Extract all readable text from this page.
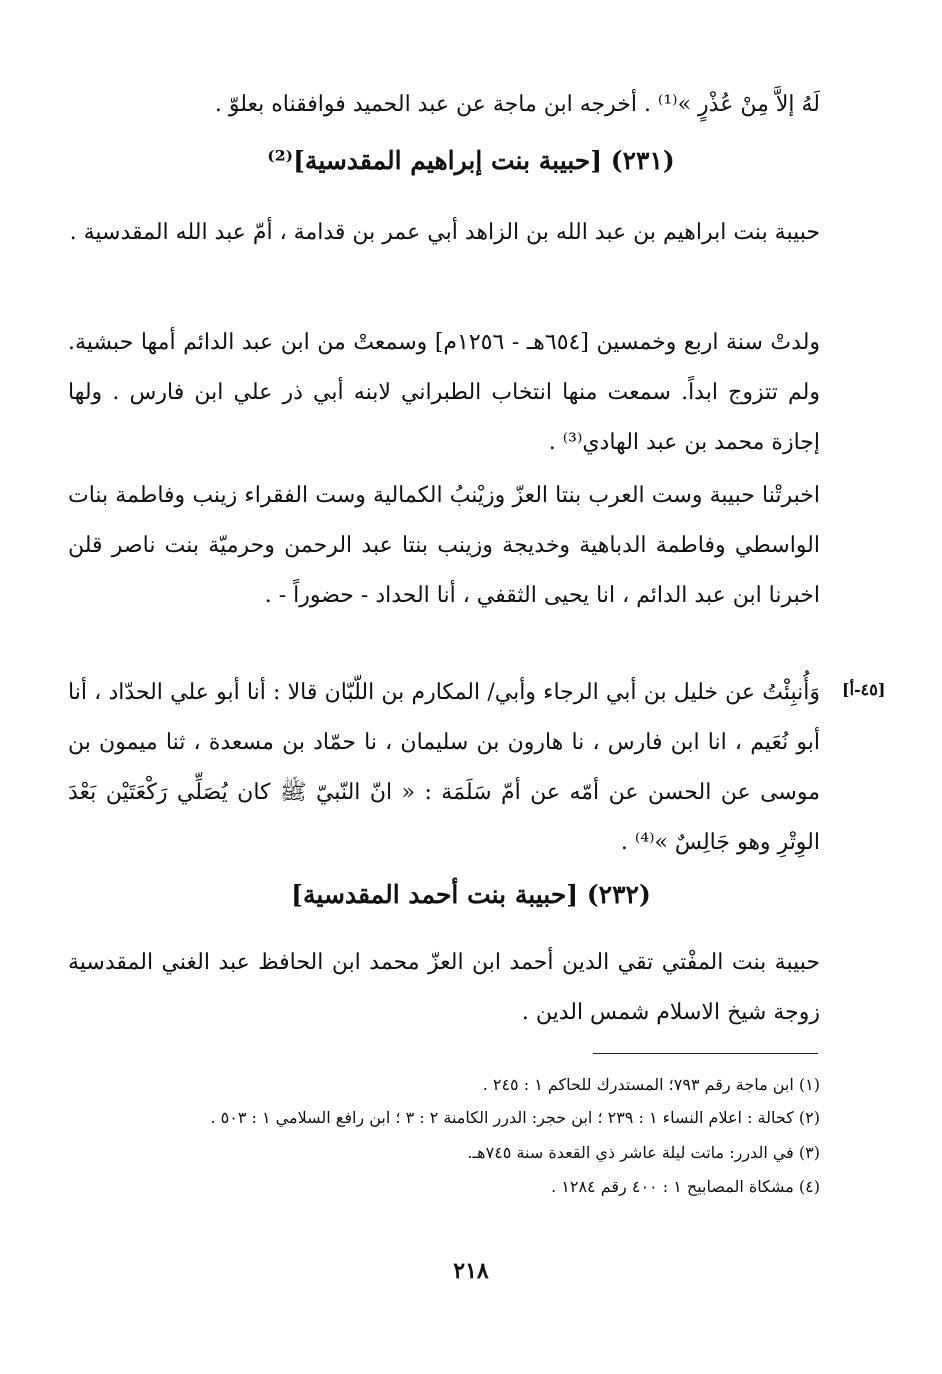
لَهُ إلاَّ مِنْ عُذْرٍ »⁽¹⁾ . أخرجه ابن ماجة عن عبد الحميد فوافقناه بعلوّ .
(٢٣١) [حبيبة بنت إبراهيم المقدسية]⁽²⁾
حبيبة بنت ابراهيم بن عبد الله بن الزاهد أبي عمر بن قدامة ، أمّ عبد الله المقدسية .
ولدتْ سنة اربع وخمسين [٦٥٤هـ - ١٢٥٦م] وسمعتْ من ابن عبد الدائم أمها حبشية. ولم تتزوج ابداً. سمعت منها انتخاب الطبراني لابنه أبي ذر علي ابن فارس . ولها إجازة محمد بن عبد الهادي⁽³⁾ .
اخبرتْنا حبيبة وست العرب بنتا العزّ وزيْنبُ الكمالية وست الفقراء زينب وفاطمة بنات الواسطي وفاطمة الدباهية وخديجة وزينب بنتا عبد الرحمن وحرميّة بنت ناصر قلن اخبرنا ابن عبد الدائم ، انا يحيى الثقفي ، أنا الحداد - حضوراً - .
[٤٥-أ]
وَأُنبِئْتُ عن خليل بن أبي الرجاء وأبي/ المكارم بن اللّبّان قالا : أنا أبو علي الحدّاد ، أنا أبو نُعَيم ، انا ابن فارس ، نا هارون بن سليمان ، نا حمّاد بن مسعدة ، ثنا ميمون بن موسى عن الحسن عن أمّه عن أمّ سَلَمَة : « انّ النّبيّ ﷺ كان يُصَلِّي رَكْعَتَيْن بَعْدَ الوِتْرِ وهو جَالِسٌ »⁽⁴⁾ .
(٢٣٢) [حبيبة بنت أحمد المقدسية]
حبيبة بنت المفْتي تقي الدين أحمد ابن العزّ محمد ابن الحافظ عبد الغني المقدسية زوجة شيخ الاسلام شمس الدين .
(١) ابن ماجة رقم ٧٩٣؛ المستدرك للحاكم ١ : ٢٤٥ .
(٢) كحالة : اعلام النساء ١ : ٢٣٩ ؛ ابن حجر: الدرر الكامنة ٢ : ٣ ؛ ابن رافع السلامي ١ : ٥٠٣ .
(٣) في الدرر: ماتت ليلة عاشر ذي القعدة سنة ٧٤٥هـ.
(٤) مشكاة المصابيح ١ : ٤٠٠ رقم ١٢٨٤ .
٢١٨
